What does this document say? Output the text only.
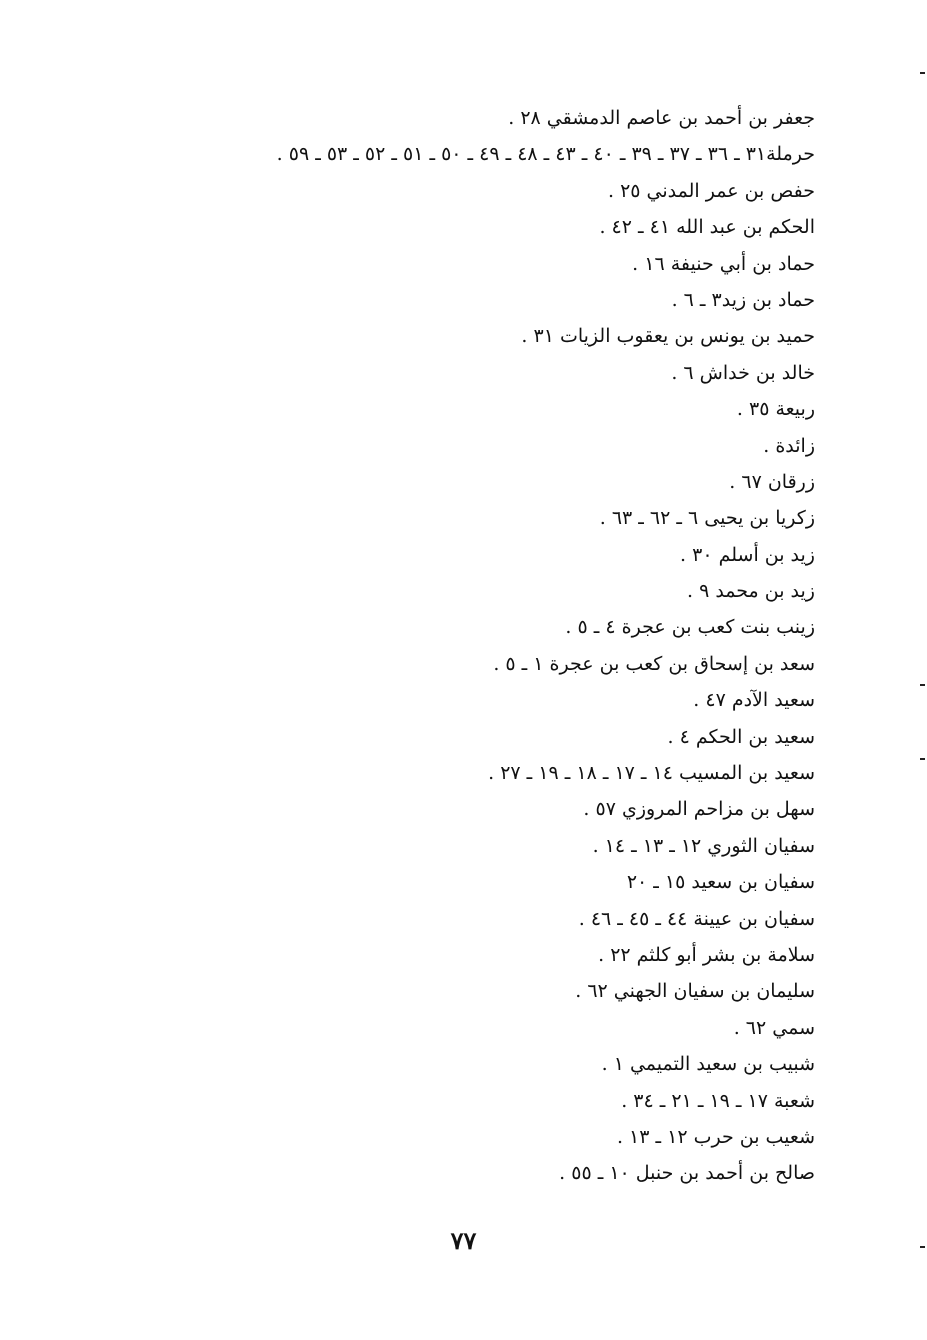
جعفر بن أحمد بن عاصم الدمشقي ٢٨ .
حرملة٣١ ـ ٣٦ ـ ٣٧ ـ ٣٩ ـ ٤٠ ـ ٤٣ ـ ٤٨ ـ ٤٩ ـ ٥٠ ـ ٥١ ـ ٥٢ ـ ٥٣ ـ ٥٩ .
حفص بن عمر المدني ٢٥ .
الحكم بن عبد الله ٤١ ـ ٤٢ .
حماد بن أبي حنيفة ١٦ .
حماد بن زيد٣ ـ ٦ .
حميد بن يونس بن يعقوب الزيات ٣١ .
خالد بن خداش ٦ .
ربيعة ٣٥ .
زائدة .
زرقان ٦٧ .
زكريا بن يحيى ٦ ـ ٦٢ ـ ٦٣ .
زيد بن أسلم ٣٠ .
زيد بن محمد ٩ .
زينب بنت كعب بن عجرة ٤ ـ ٥ .
سعد بن إسحاق بن كعب بن عجرة ١ ـ ٥ .
سعيد الآدم ٤٧ .
سعيد بن الحكم ٤ .
سعيد بن المسيب ١٤ ـ ١٧ ـ ١٨ ـ ١٩ ـ ٢٧ .
سهل بن مزاحم المروزي ٥٧ .
سفيان الثوري ١٢ ـ ١٣ ـ ١٤ .
سفيان بن سعيد ١٥ ـ ٢٠
سفيان بن عيينة ٤٤ ـ ٤٥ ـ ٤٦ .
سلامة بن بشر أبو كلثم ٢٢ .
سليمان بن سفيان الجهني ٦٢ .
سمي ٦٢ .
شبيب بن سعيد التميمي ١ .
شعبة ١٧ ـ ١٩ ـ ٢١ ـ ٣٤ .
شعيب بن حرب ١٢ ـ ١٣ .
صالح بن أحمد بن حنبل ١٠ ـ ٥٥ .
٧٧
